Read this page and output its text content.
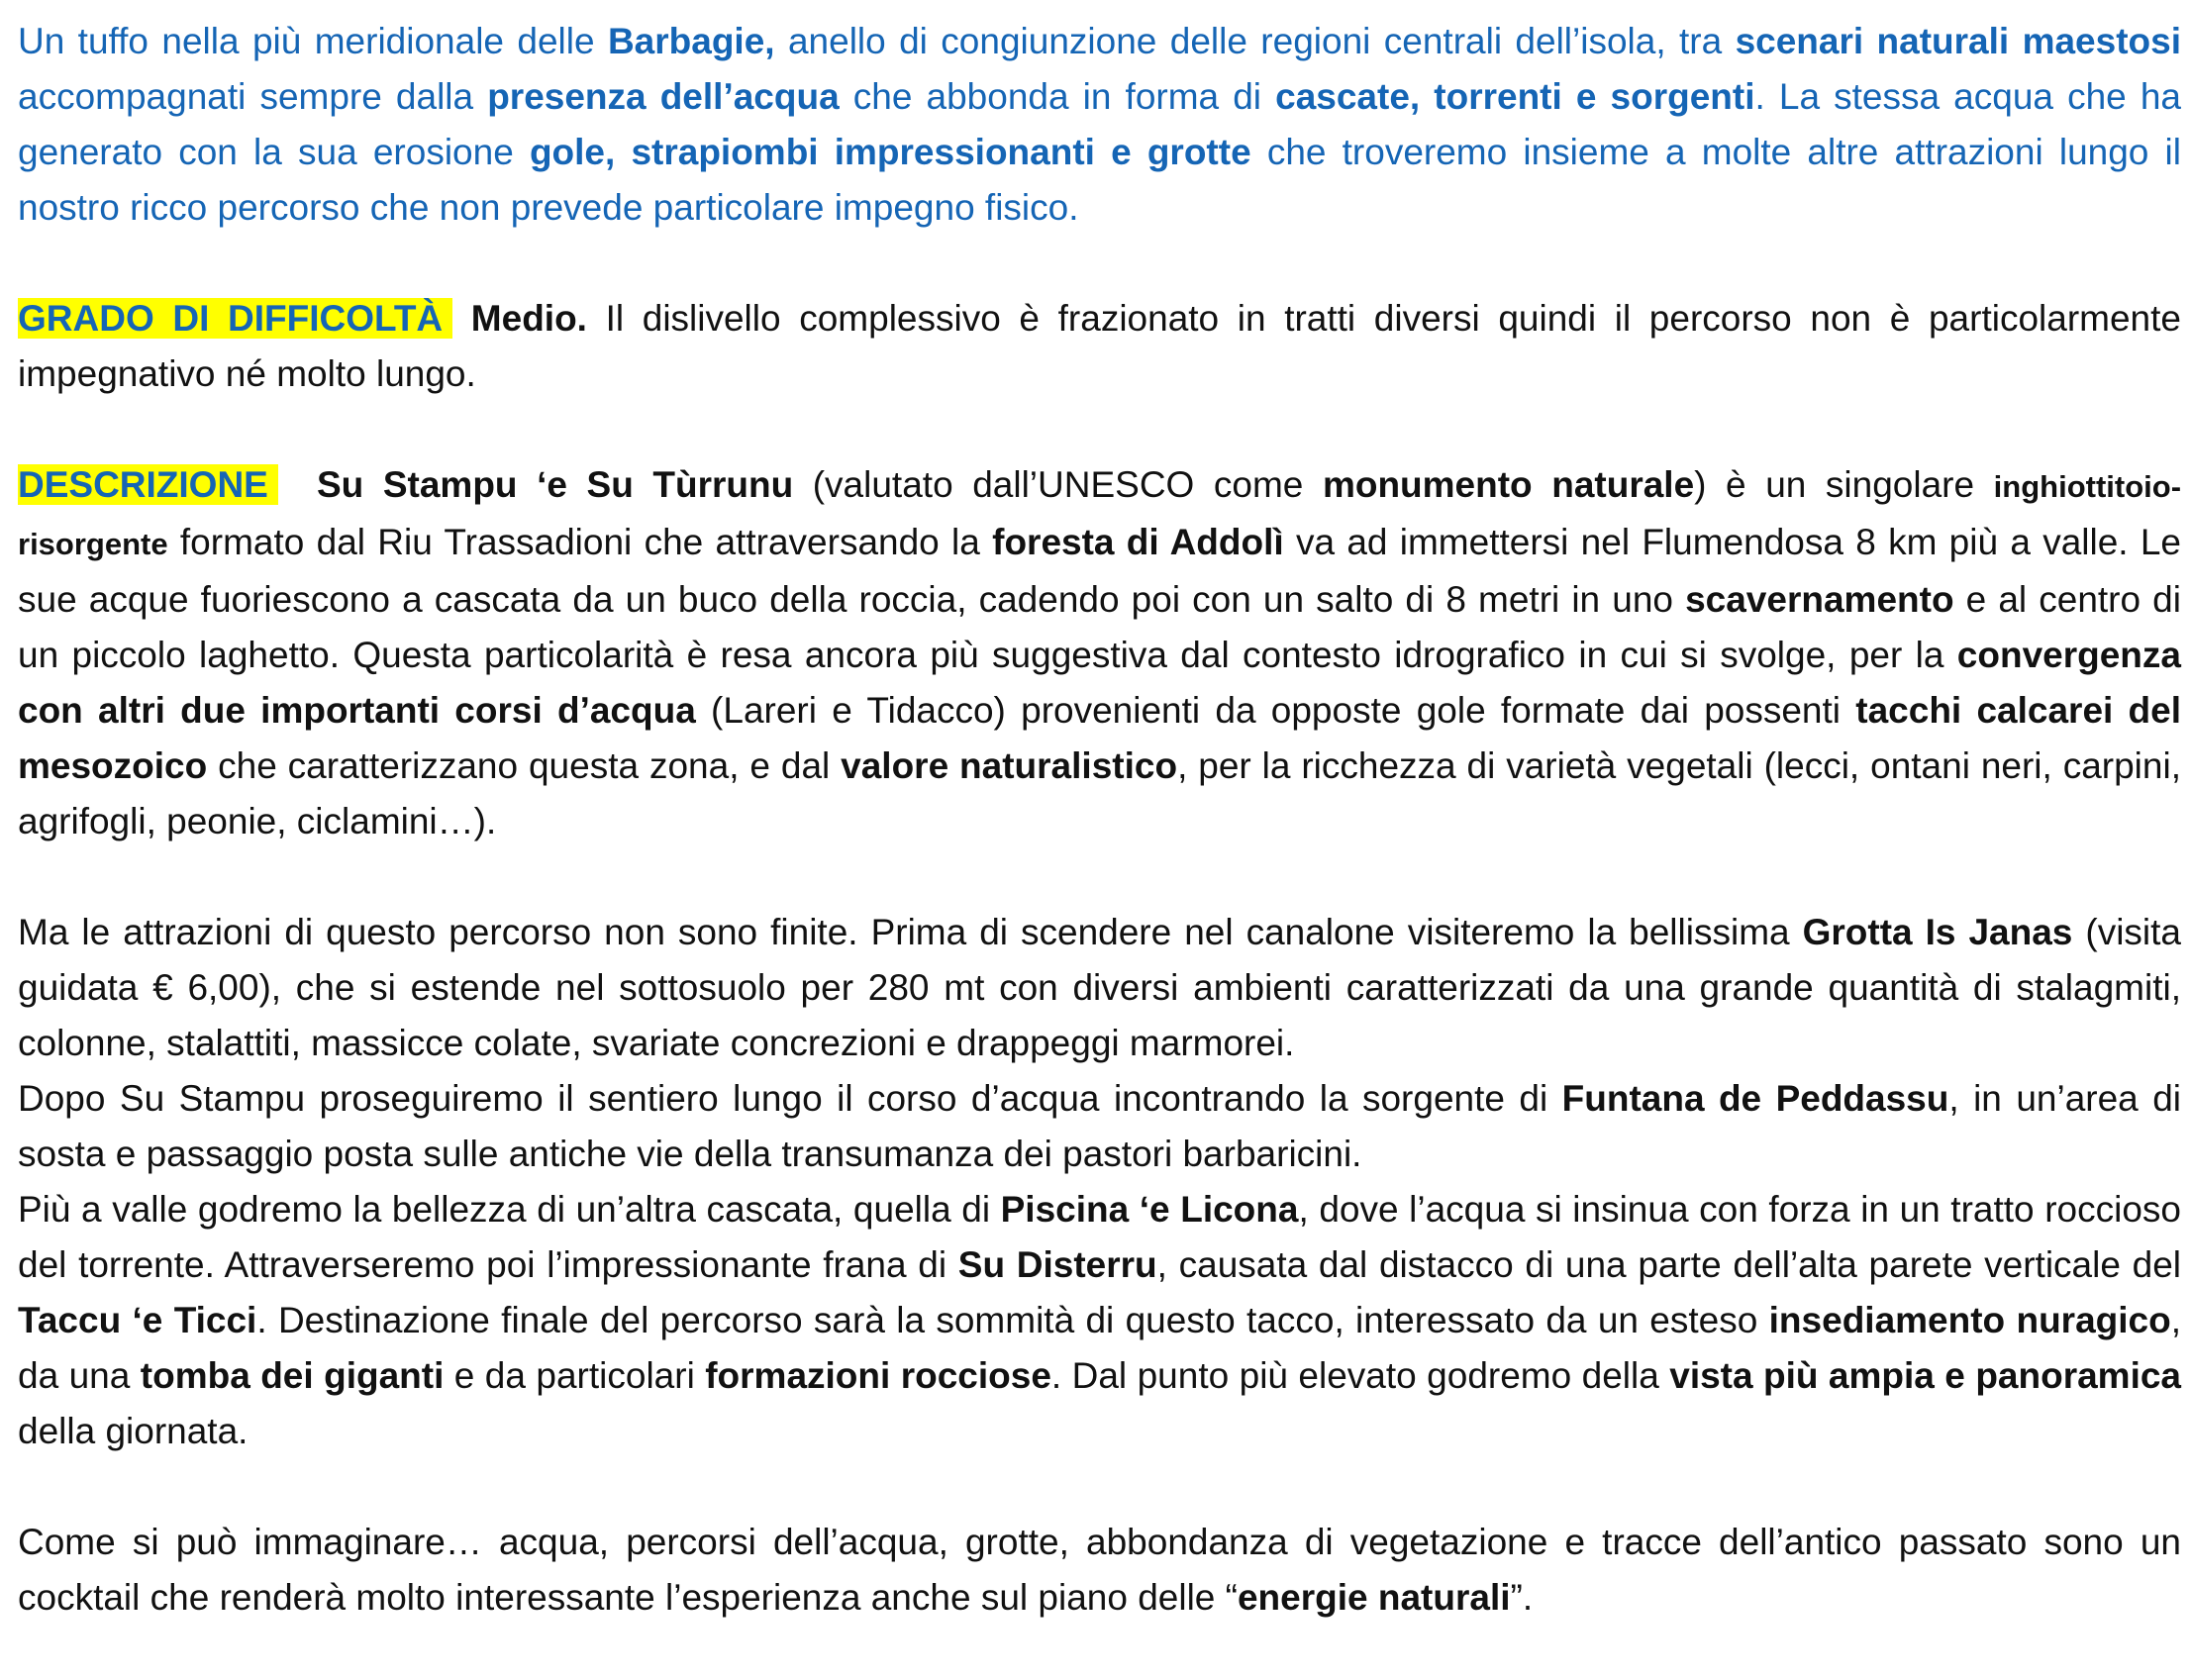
Un tuffo nella più meridionale delle Barbagie, anello di congiunzione delle regioni centrali dell’isola, tra scenari naturali maestosi accompagnati sempre dalla presenza dell’acqua che abbonda in forma di cascate, torrenti e sorgenti. La stessa acqua che ha generato con la sua erosione gole, strapiombi impressionanti e grotte che troveremo insieme a molte altre attrazioni lungo il nostro ricco percorso che non prevede particolare impegno fisico.

GRADO DI DIFFICOLTÀ Medio. Il dislivello complessivo è frazionato in tratti diversi quindi il percorso non è particolarmente impegnativo né molto lungo.

DESCRIZIONE Su Stampu ‘e Su Tùrrunu (valutato dall’UNESCO come monumento naturale) è un singolare inghiottitoio-risorgente formato dal Riu Trassadioni che attraversando la foresta di Addolì va ad immettersi nel Flumendosa 8 km più a valle. Le sue acque fuoriescono a cascata da un buco della roccia, cadendo poi con un salto di 8 metri in uno scavernamento e al centro di un piccolo laghetto. Questa particolarità è resa ancora più suggestiva dal contesto idrografico in cui si svolge, per la convergenza con altri due importanti corsi d’acqua (Lareri e Tidacco) provenienti da opposte gole formate dai possenti tacchi calcarei del mesozoico che caratterizzano questa zona, e dal valore naturalistico, per la ricchezza di varietà vegetali (lecci, ontani neri, carpini, agrifogli, peonie, ciclamini…).

Ma le attrazioni di questo percorso non sono finite. Prima di scendere nel canalone visiteremo la bellissima Grotta Is Janas (visita guidata € 6,00), che si estende nel sottosuolo per 280 mt con diversi ambienti caratterizzati da una grande quantità di stalagmiti, colonne, stalattiti, massicce colate, svariate concrezioni e drappeggi marmorei.

Dopo Su Stampu proseguiremo il sentiero lungo il corso d’acqua incontrando la sorgente di Funtana de Peddassu, in un’area di sosta e passaggio posta sulle antiche vie della transumanza dei pastori barbaricini.

Più a valle godremo la bellezza di un’altra cascata, quella di Piscina ‘e Licona, dove l’acqua si insinua con forza in un tratto roccioso del torrente. Attraverseremo poi l’impressionante frana di Su Disterru, causata dal distacco di una parte dell’alta parete verticale del Taccu ‘e Ticci. Destinazione finale del percorso sarà la sommità di questo tacco, interessato da un esteso insediamento nuragico, da una tomba dei giganti e da particolari formazioni rocciose. Dal punto più elevato godremo della vista più ampia e panoramica della giornata.

Come si può immaginare… acqua, percorsi dell’acqua, grotte, abbondanza di vegetazione e tracce dell’antico passato sono un cocktail che renderà molto interessante l’esperienza anche sul piano delle “energie naturali”.
